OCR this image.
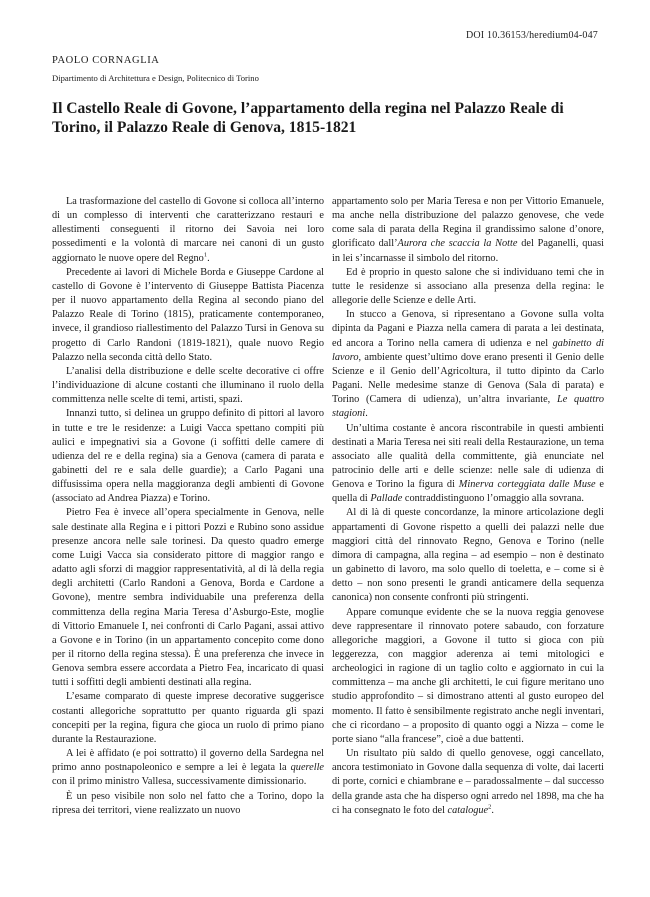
DOI 10.36153/heredium04-047
PAOLO CORNAGLIA
Dipartimento di Architettura e Design, Politecnico di Torino
Il Castello Reale di Govone, l’appartamento della regina nel Palazzo Reale di Torino, il Palazzo Reale di Genova, 1815-1821

La trasformazione del castello di Govone si colloca all’interno di un complesso di interventi che caratterizzano restauri e allestimenti conseguenti il ritorno dei Savoia nei loro possedimenti e la volontà di marcare nei canoni di un gusto aggiornato le nuove opere del Regno$^1$.

Precedente ai lavori di Michele Borda e Giuseppe Cardone al castello di Govone è l’intervento di Giuseppe Battista Piacenza per il nuovo appartamento della Regina al secondo piano del Palazzo Reale di Torino (1815), praticamente contemporaneo, invece, il grandioso riallestimento del Palazzo Tursi in Genova su progetto di Carlo Randoni (1819-1821), quale nuovo Regio Palazzo nella seconda città dello Stato.

L’analisi della distribuzione e delle scelte decorative ci offre l’individuazione di alcune costanti che illuminano il ruolo della committenza nelle scelte di temi, artisti, spazi.

Innanzi tutto, si delinea un gruppo definito di pittori al lavoro in tutte e tre le residenze: a Luigi Vacca spettano compiti più aulici e impegnativi sia a Govone (i soffitti delle camere di udienza del re e della regina) sia a Genova (camera di parata e gabinetti del re e sala delle guardie); a Carlo Pagani una diffusissima opera nella maggioranza degli ambienti di Govone (associato ad Andrea Piazza) e Torino.

Pietro Fea è invece all’opera specialmente in Genova, nelle sale destinate alla Regina e i pittori Pozzi e Rubino sono assidue presenze ancora nelle sale torinesi. Da questo quadro emerge come Luigi Vacca sia considerato pittore di maggior rango e adatto agli sforzi di maggior rappresentatività, al di là della regia degli architetti (Carlo Randoni a Genova, Borda e Cardone a Govone), mentre sembra individuabile una preferenza della committenza della regina Maria Teresa d’Asburgo-Este, moglie di Vittorio Emanuele I, nei confronti di Carlo Pagani, assai attivo a Govone e in Torino (in un appartamento concepito come dono per il ritorno della regina stessa). È una preferenza che invece in Genova sembra essere accordata a Pietro Fea, incaricato di quasi tutti i soffitti degli ambienti destinati alla regina.

L’esame comparato di queste imprese decorative suggerisce costanti allegoriche soprattutto per quanto riguarda gli spazi concepiti per la regina, figura che gioca un ruolo di primo piano durante la Restaurazione.

A lei è affidato (e poi sottratto) il governo della Sardegna nel primo anno postnapoleonico e sempre a lei è legata la querelle con il primo ministro Vallesa, successivamente dimissionario.

È un peso visibile non solo nel fatto che a Torino, dopo la ripresa dei territori, viene realizzato un nuovo

appartamento solo per Maria Teresa e non per Vittorio Emanuele, ma anche nella distribuzione del palazzo genovese, che vede come sala di parata della Regina il grandissimo salone d’onore, glorificato dall’Aurora che scaccia la Notte del Paganelli, quasi in lei s’incarnasse il simbolo del ritorno.

Ed è proprio in questo salone che si individuano temi che in tutte le residenze si associano alla presenza della regina: le allegorie delle Scienze e delle Arti.

In stucco a Genova, si ripresentano a Govone sulla volta dipinta da Pagani e Piazza nella camera di parata a lei destinata, ed ancora a Torino nella camera di udienza e nel gabinetto di lavoro, ambiente quest’ultimo dove erano presenti il Genio delle Scienze e il Genio dell’Agricoltura, il tutto dipinto da Carlo Pagani. Nelle medesime stanze di Genova (Sala di parata) e Torino (Camera di udienza), un’altra invariante, Le quattro stagioni.

Un’ultima costante è ancora riscontrabile in questi ambienti destinati a Maria Teresa nei siti reali della Restaurazione, un tema associato alle qualità della committente, già enunciate nel patrocinio delle arti e delle scienze: nelle sale di udienza di Genova e Torino la figura di Minerva corteggiata dalle Muse e quella di Pallade contraddistinguono l’omaggio alla sovrana.

Al di là di queste concordanze, la minore articolazione degli appartamenti di Govone rispetto a quelli dei palazzi nelle due maggiori città del rinnovato Regno, Genova e Torino (nelle dimora di campagna, alla regina – ad esempio – non è destinato un gabinetto di lavoro, ma solo quello di toeletta, e – come si è detto – non sono presenti le grandi anticamere della sequenza canonica) non consente confronti più stringenti.

Appare comunque evidente che se la nuova reggia genovese deve rappresentare il rinnovato potere sabaudo, con forzature allegoriche maggiori, a Govone il tutto si gioca con più leggerezza, con maggior aderenza ai temi mitologici e archeologici in ragione di un taglio colto e aggiornato in cui la committenza – ma anche gli architetti, le cui figure meritano uno studio approfondito – si dimostrano attenti al gusto europeo del momento. Il fatto è sensibilmente registrato anche negli inventari, che ci ricordano – a proposito di quanto oggi a Nizza – come le porte siano “alla francese”, cioè a due battenti.

Un risultato più saldo di quello genovese, oggi cancellato, ancora testimoniato in Govone dalla sequenza di volte, dai lacerti di porte, cornici e chiambrane e – paradossalmente – dal successo della grande asta che ha disperso ogni arredo nel 1898, ma che ha ci ha consegnato le foto del catalogue$^2$.
